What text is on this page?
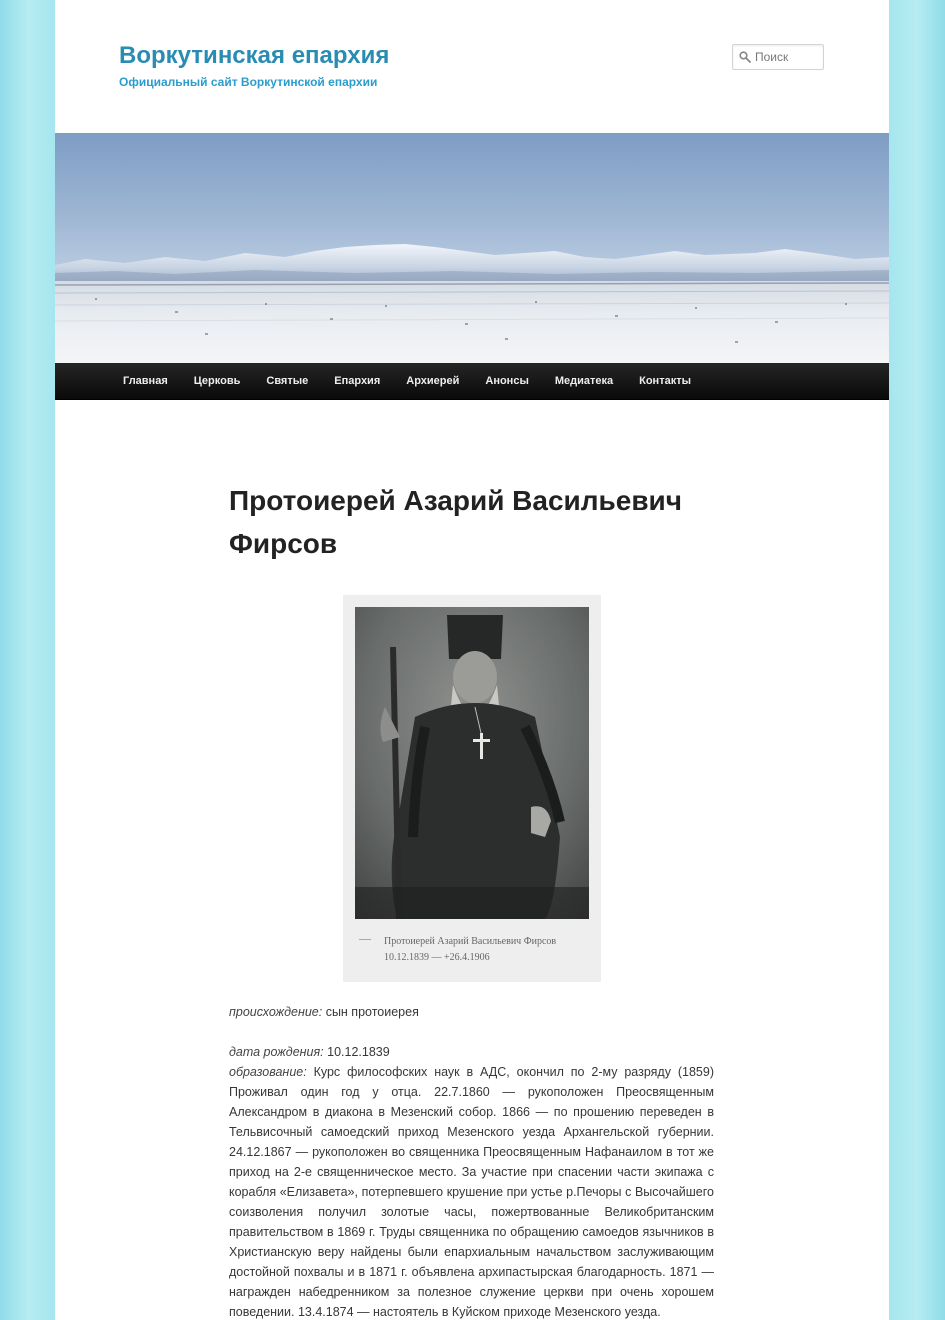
Воркутинская епархия
Официальный сайт Воркутинской епархии
Поиск
Главная	Церковь	Святые	Епархия	Архиерей	Анонсы	Медиатека	Контакты
Протоиерей Азарий Васильевич Фирсов
— Протоиерей Азарий Васильевич Фирсов
10.12.1839 — +26.4.1906

происхождение: сын протоиерея

дата рождения: 10.12.1839

образование: Курс философских наук в АДС, окончил по 2-му разряду (1859) Проживал один год у отца. 22.7.1860 — рукоположен Преосвященным Александром в диакона в Мезенский собор. 1866 — по прошению переведен в Тельвисочный самоедский приход Мезенского уезда Архангельской губернии. 24.12.1867 — рукоположен во священника Преосвященным Нафанаилом в тот же приход на 2-е священническое место. За участие при спасении части экипажа с корабля «Елизавета», потерпевшего крушение при устье р.Печоры с Высочайшего соизволения получил золотые часы, пожертвованные Великобританским правительством в 1869 г. Труды священника по обращению самоедов язычников в Христианскую веру найдены были епархиальным начальством заслуживающим достойной похвалы и в 1871 г. объявлена архипастырская благодарность. 1871 — награжден набедренником за полезное служение церкви при очень хорошем поведении. 13.4.1874 — настоятель в Куйском приходе Мезенского уезда.
